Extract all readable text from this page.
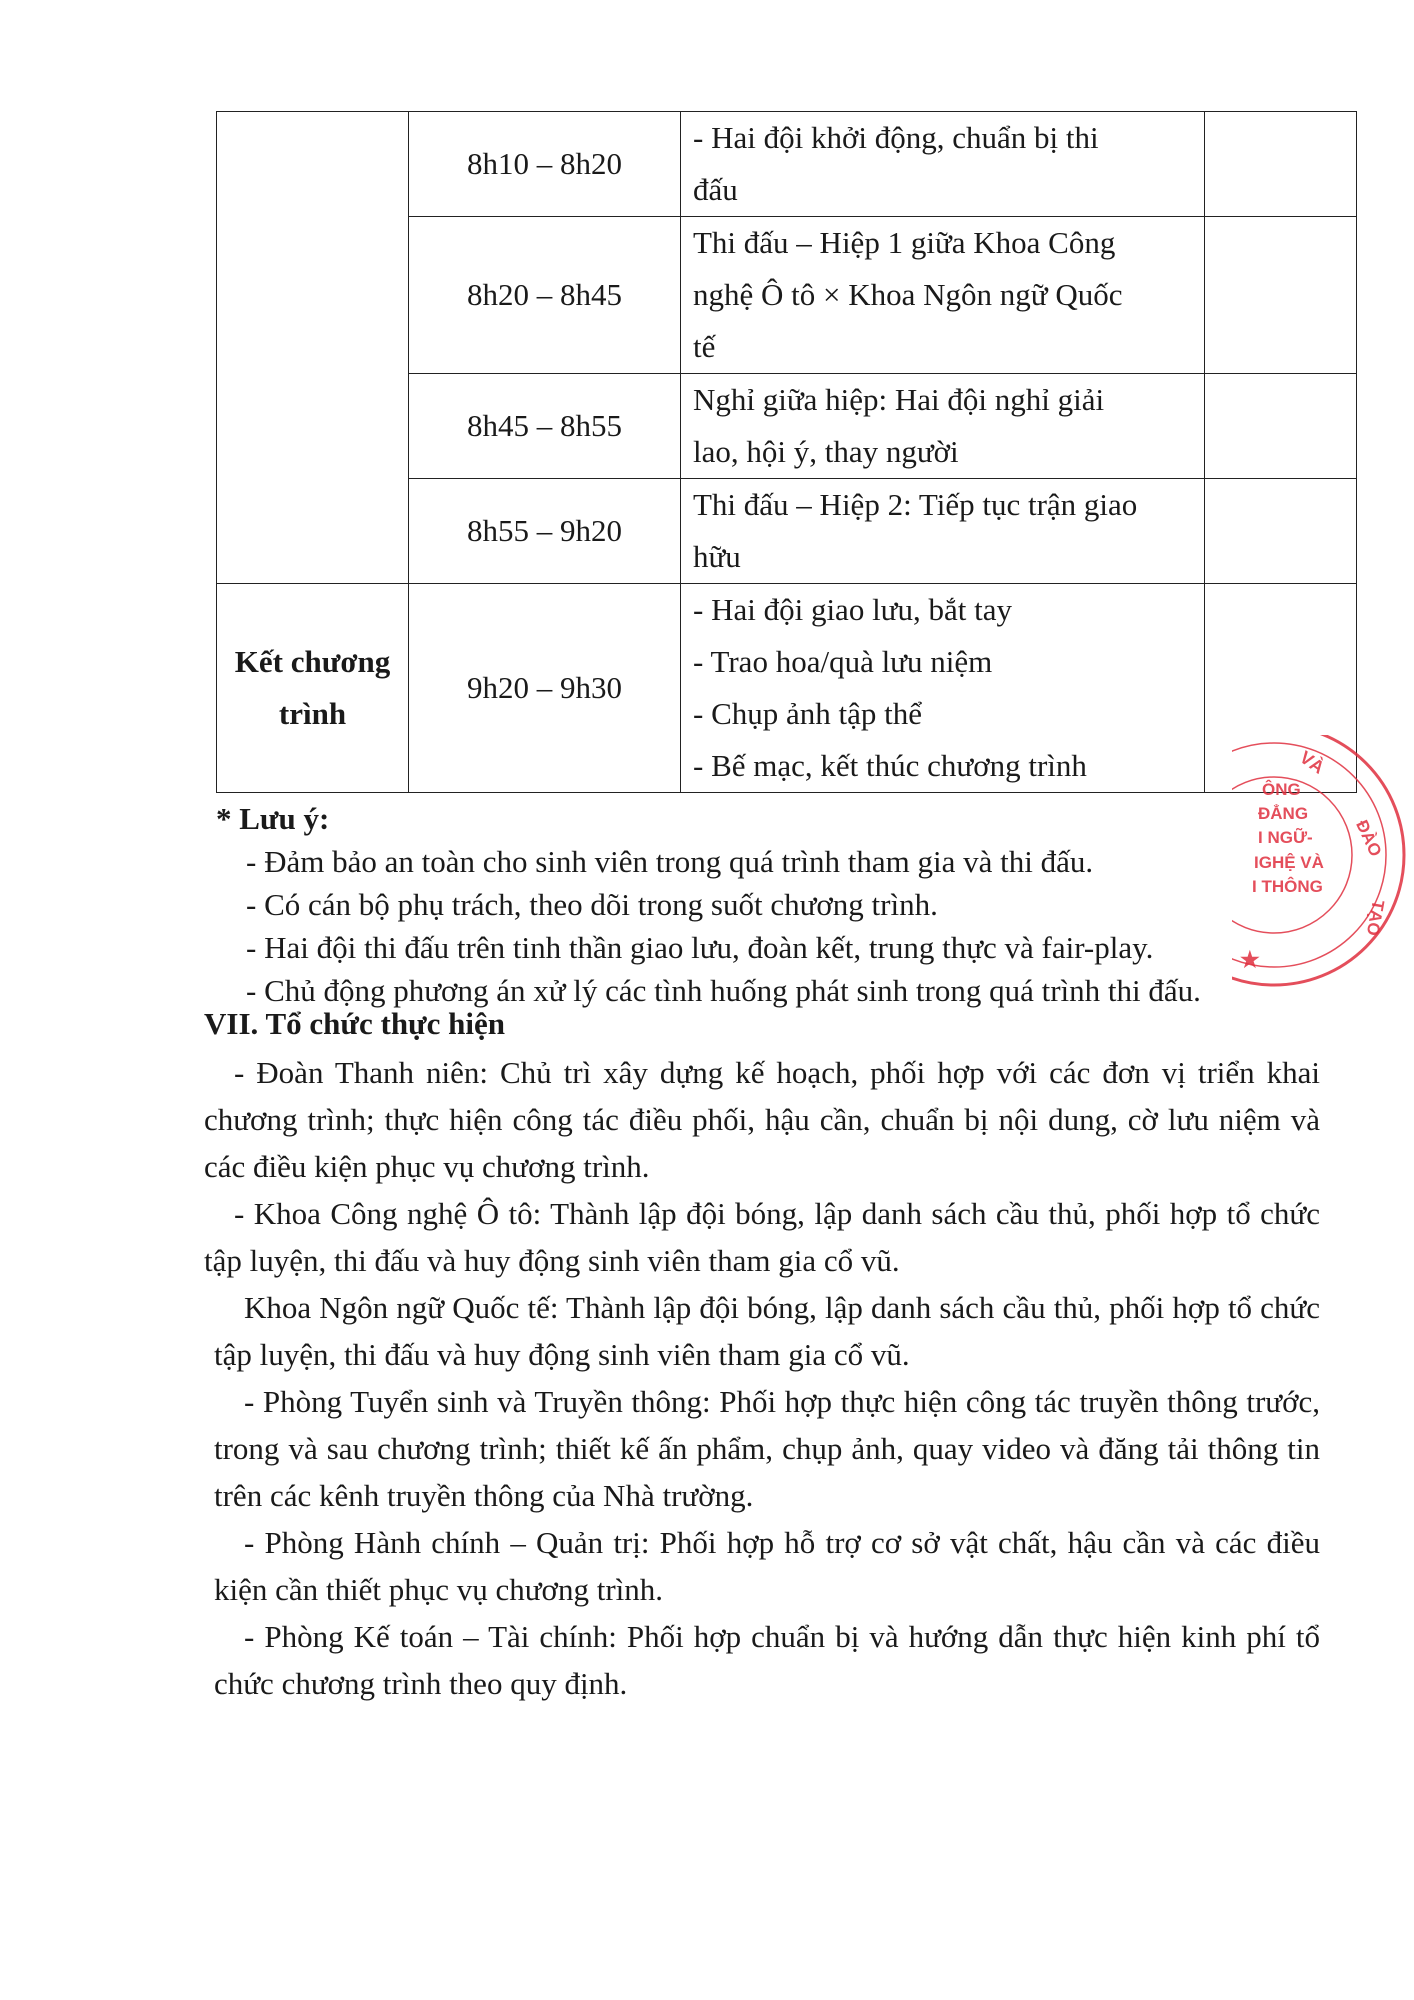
	8h10 – 8h20	- Hai đội khởi động, chuẩn bị thi
đấu	

	8h20 – 8h45	Thi đấu – Hiệp 1 giữa Khoa Công
nghệ Ô tô × Khoa Ngôn ngữ Quốc
tế	

	8h45 – 8h55	Nghỉ giữa hiệp: Hai đội nghỉ giải
lao, hội ý, thay người	

	8h55 – 9h20	Thi đấu – Hiệp 2: Tiếp tục trận giao
hữu	

Kết chương
trình	9h20 – 9h30	- Hai đội giao lưu, bắt tay
- Trao hoa/quà lưu niệm
- Chụp ảnh tập thể
- Bế mạc, kết thúc chương trình	

* Lưu ý:
- Đảm bảo an toàn cho sinh viên trong quá trình tham gia và thi đấu.
- Có cán bộ phụ trách, theo dõi trong suốt chương trình.
- Hai đội thi đấu trên tinh thần giao lưu, đoàn kết, trung thực và fair-play.
- Chủ động phương án xử lý các tình huống phát sinh trong quá trình thi đấu.
VII. Tổ chức thực hiện
- Đoàn Thanh niên: Chủ trì xây dựng kế hoạch, phối hợp với các đơn vị triển khai chương trình; thực hiện công tác điều phối, hậu cần, chuẩn bị nội dung, cờ lưu niệm và các điều kiện phục vụ chương trình.
- Khoa Công nghệ Ô tô: Thành lập đội bóng, lập danh sách cầu thủ, phối hợp tổ chức tập luyện, thi đấu và huy động sinh viên tham gia cổ vũ.
Khoa Ngôn ngữ Quốc tế: Thành lập đội bóng, lập danh sách cầu thủ, phối hợp tổ chức tập luyện, thi đấu và huy động sinh viên tham gia cổ vũ.
- Phòng Tuyển sinh và Truyền thông: Phối hợp thực hiện công tác truyền thông trước, trong và sau chương trình; thiết kế ấn phẩm, chụp ảnh, quay video và đăng tải thông tin trên các kênh truyền thông của Nhà trường.
- Phòng Hành chính – Quản trị: Phối hợp hỗ trợ cơ sở vật chất, hậu cần và các điều kiện cần thiết phục vụ chương trình.
- Phòng Kế toán – Tài chính: Phối hợp chuẩn bị và hướng dẫn thực hiện kinh phí tổ chức chương trình theo quy định.
VÀ
ĐÀO
TẠO
ÔNG
ĐẲNG
I NGỮ-
IGHỆ VÀ
I THÔNG
★
